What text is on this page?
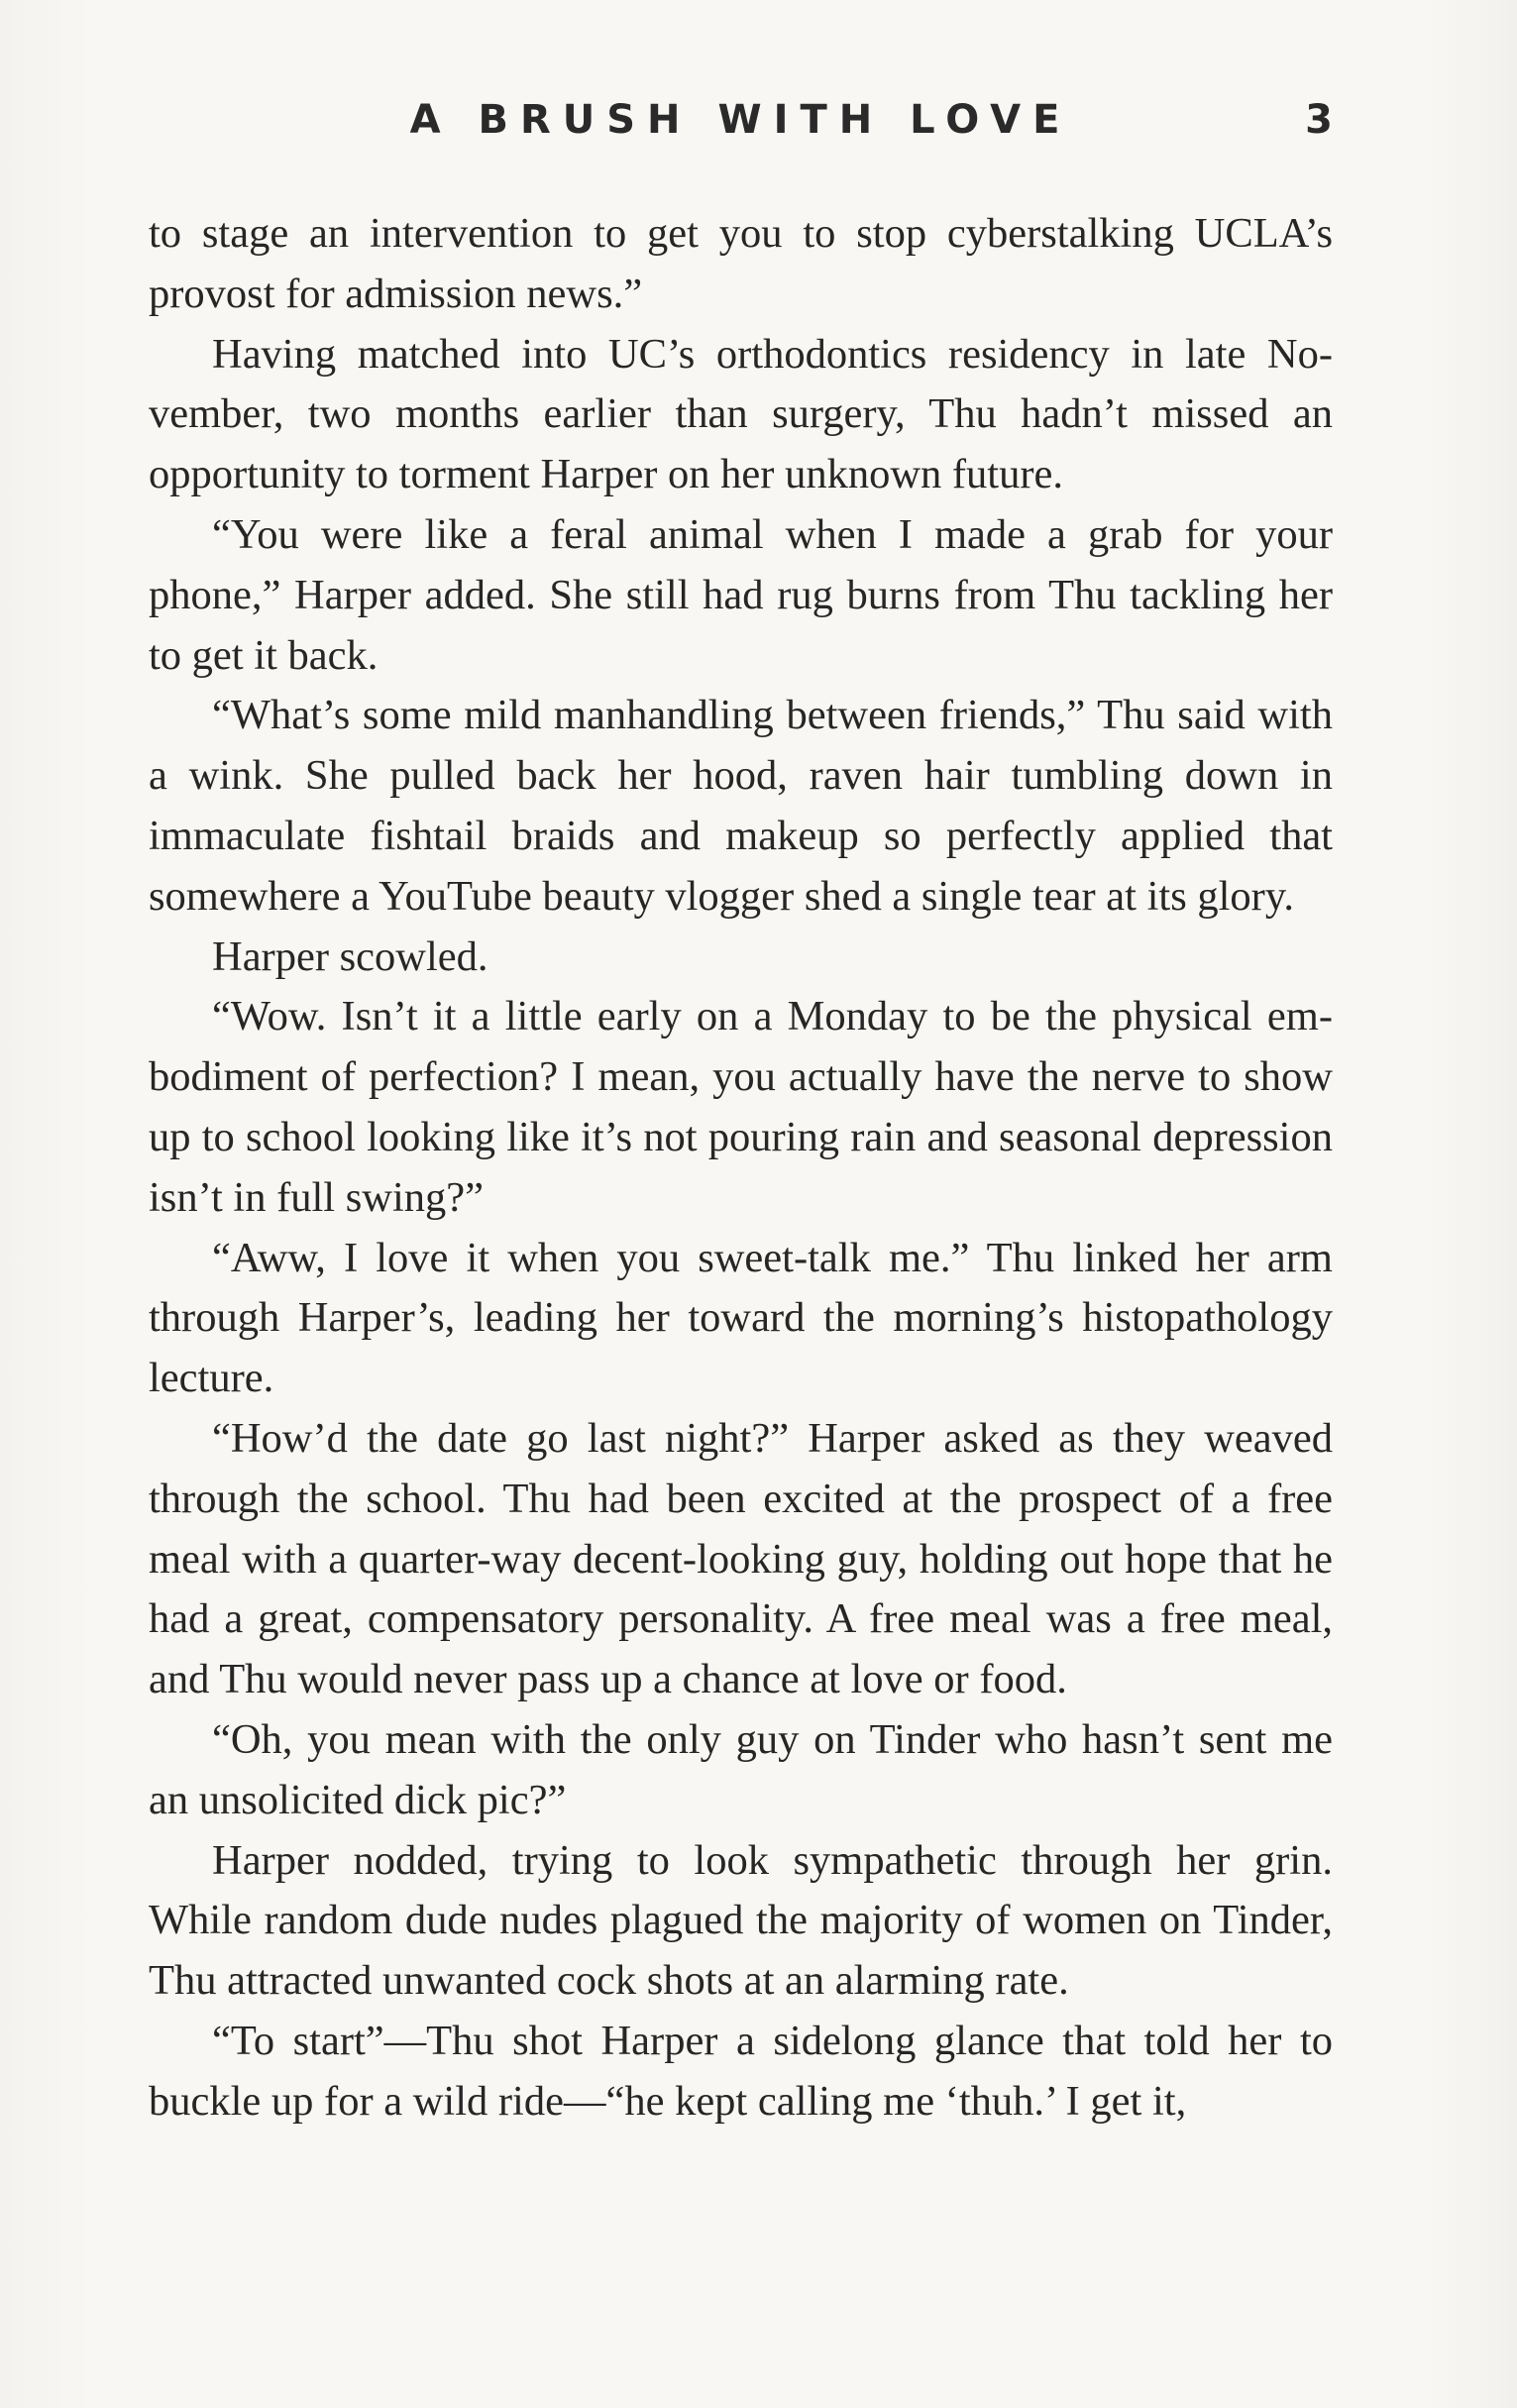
A BRUSH WITH LOVE	3

to stage an intervention to get you to stop cyberstalking UCLA’s provost for admission news.”

Having matched into UC’s orthodontics residency in late November, two months earlier than surgery, Thu hadn’t missed an opportunity to torment Harper on her unknown future.

“You were like a feral animal when I made a grab for your phone,” Harper added. She still had rug burns from Thu tackling her to get it back.

“What’s some mild manhandling between friends,” Thu said with a wink. She pulled back her hood, raven hair tumbling down in immaculate fishtail braids and makeup so perfectly applied that somewhere a YouTube beauty vlogger shed a single tear at its glory.

Harper scowled.

“Wow. Isn’t it a little early on a Monday to be the physical embodiment of perfection? I mean, you actually have the nerve to show up to school looking like it’s not pouring rain and seasonal depression isn’t in full swing?”

“Aww, I love it when you sweet-talk me.” Thu linked her arm through Harper’s, leading her toward the morning’s histopathology lecture.

“How’d the date go last night?” Harper asked as they weaved through the school. Thu had been excited at the prospect of a free meal with a quarter-way decent-looking guy, holding out hope that he had a great, compensatory personality. A free meal was a free meal, and Thu would never pass up a chance at love or food.

“Oh, you mean with the only guy on Tinder who hasn’t sent me an unsolicited dick pic?”

Harper nodded, trying to look sympathetic through her grin. While random dude nudes plagued the majority of women on Tinder, Thu attracted unwanted cock shots at an alarming rate.

“To start”—Thu shot Harper a sidelong glance that told her to buckle up for a wild ride—“he kept calling me ‘thuh.’ I get it,
